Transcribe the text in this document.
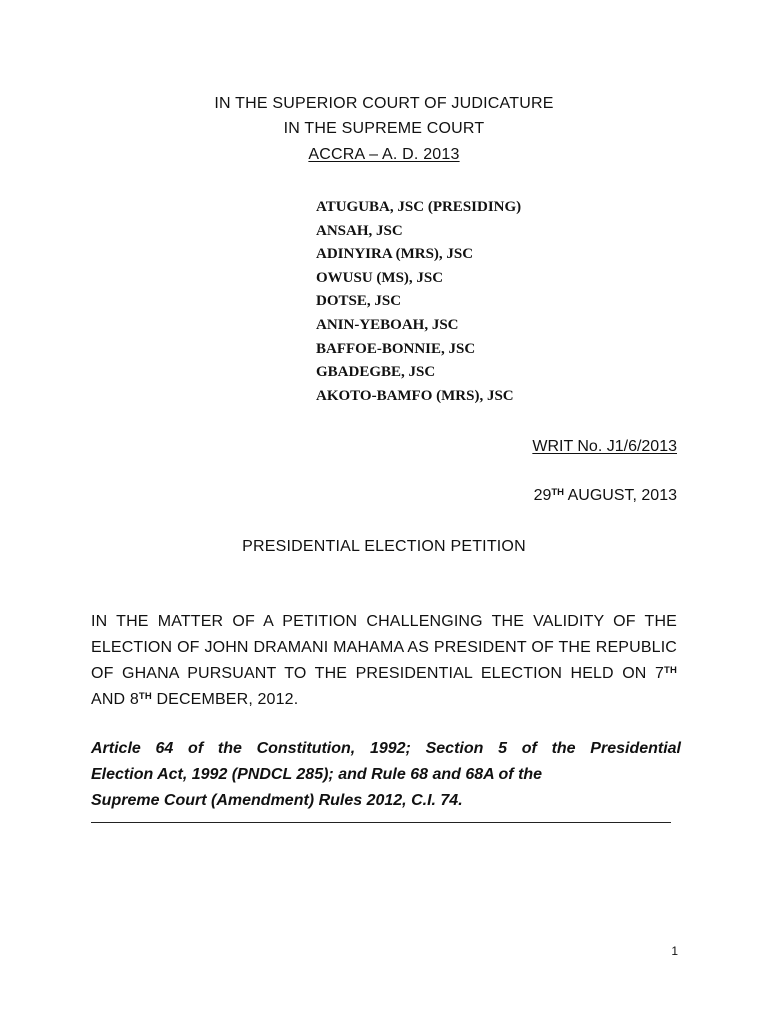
IN THE SUPERIOR COURT OF JUDICATURE
IN THE SUPREME COURT
ACCRA – A. D. 2013
ATUGUBA, JSC (PRESIDING)
ANSAH, JSC
ADINYIRA (MRS), JSC
OWUSU (MS), JSC
DOTSE, JSC
ANIN-YEBOAH, JSC
BAFFOE-BONNIE, JSC
GBADEGBE, JSC
AKOTO-BAMFO (MRS), JSC
WRIT No. J1/6/2013
29TH AUGUST, 2013
PRESIDENTIAL ELECTION PETITION
IN THE MATTER OF A PETITION CHALLENGING THE VALIDITY OF THE ELECTION OF JOHN DRAMANI MAHAMA AS PRESIDENT OF THE REPUBLIC OF GHANA PURSUANT TO THE PRESIDENTIAL ELECTION HELD ON 7TH AND 8TH DECEMBER, 2012.
Article 64 of the Constitution, 1992; Section 5 of the Presidential
Election Act, 1992 (PNDCL 285); and Rule 68 and 68A of the
Supreme Court (Amendment) Rules 2012, C.I. 74.
1
